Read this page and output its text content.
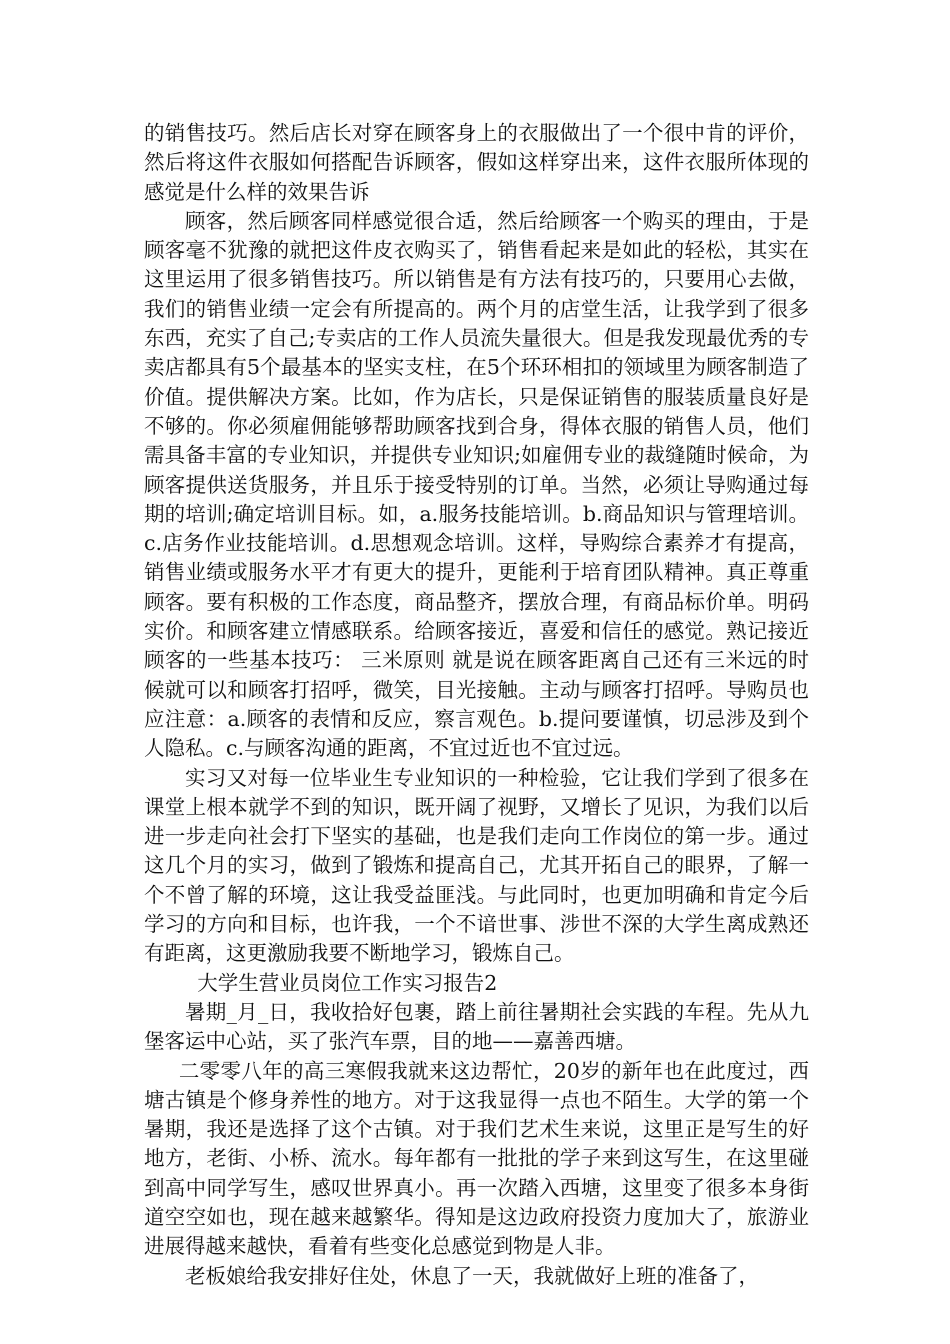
的销售技巧。然后店长对穿在顾客身上的衣服做出了一个很中肯的评价，然后将这件衣服如何搭配告诉顾客，假如这样穿出来，这件衣服所体现的感觉是什么样的效果告诉

顾客，然后顾客同样感觉很合适，然后给顾客一个购买的理由，于是顾客毫不犹豫的就把这件皮衣购买了，销售看起来是如此的轻松，其实在这里运用了很多销售技巧。所以销售是有方法有技巧的，只要用心去做，我们的销售业绩一定会有所提高的。两个月的店堂生活，让我学到了很多东西，充实了自己;专卖店的工作人员流失量很大。但是我发现最优秀的专卖店都具有5个最基本的坚实支柱，在5个环环相扣的领域里为顾客制造了价值。提供解决方案。比如，作为店长，只是保证销售的服装质量良好是不够的。你必须雇佣能够帮助顾客找到合身，得体衣服的销售人员，他们需具备丰富的专业知识，并提供专业知识;如雇佣专业的裁缝随时候命，为顾客提供送货服务，并且乐于接受特别的订单。当然，必须让导购通过每期的培训;确定培训目标。如，a.服务技能培训。b.商品知识与管理培训。c.店务作业技能培训。d.思想观念培训。这样，导购综合素养才有提高，销售业绩或服务水平才有更大的提升，更能利于培育团队精神。真正尊重顾客。要有积极的工作态度，商品整齐，摆放合理，有商品标价单。明码实价。和顾客建立情感联系。给顾客接近，喜爱和信任的感觉。熟记接近顾客的一些基本技巧： 三米原则 就是说在顾客距离自己还有三米远的时候就可以和顾客打招呼，微笑，目光接触。主动与顾客打招呼。导购员也应注意：a.顾客的表情和反应，察言观色。b.提问要谨慎，切忌涉及到个人隐私。c.与顾客沟通的距离，不宜过近也不宜过远。

实习又对每一位毕业生专业知识的一种检验，它让我们学到了很多在课堂上根本就学不到的知识，既开阔了视野，又增长了见识，为我们以后进一步走向社会打下坚实的基础，也是我们走向工作岗位的第一步。通过这几个月的实习，做到了锻炼和提高自己，尤其开拓自己的眼界，了解一个不曾了解的环境，这让我受益匪浅。与此同时，也更加明确和肯定今后学习的方向和目标，也许我，一个不谙世事、涉世不深的大学生离成熟还有距离，这更激励我要不断地学习，锻炼自己。

大学生营业员岗位工作实习报告2

暑期_月_日，我收拾好包裹，踏上前往暑期社会实践的车程。先从九堡客运中心站，买了张汽车票，目的地——嘉善西塘。

二零零八年的高三寒假我就来这边帮忙，20岁的新年也在此度过，西塘古镇是个修身养性的地方。对于这我显得一点也不陌生。大学的第一个暑期，我还是选择了这个古镇。对于我们艺术生来说，这里正是写生的好地方，老街、小桥、流水。每年都有一批批的学子来到这写生，在这里碰到高中同学写生，感叹世界真小。再一次踏入西塘，这里变了很多本身街道空空如也，现在越来越繁华。得知是这边政府投资力度加大了，旅游业进展得越来越快，看着有些变化总感觉到物是人非。

老板娘给我安排好住处，休息了一天，我就做好上班的准备了，
